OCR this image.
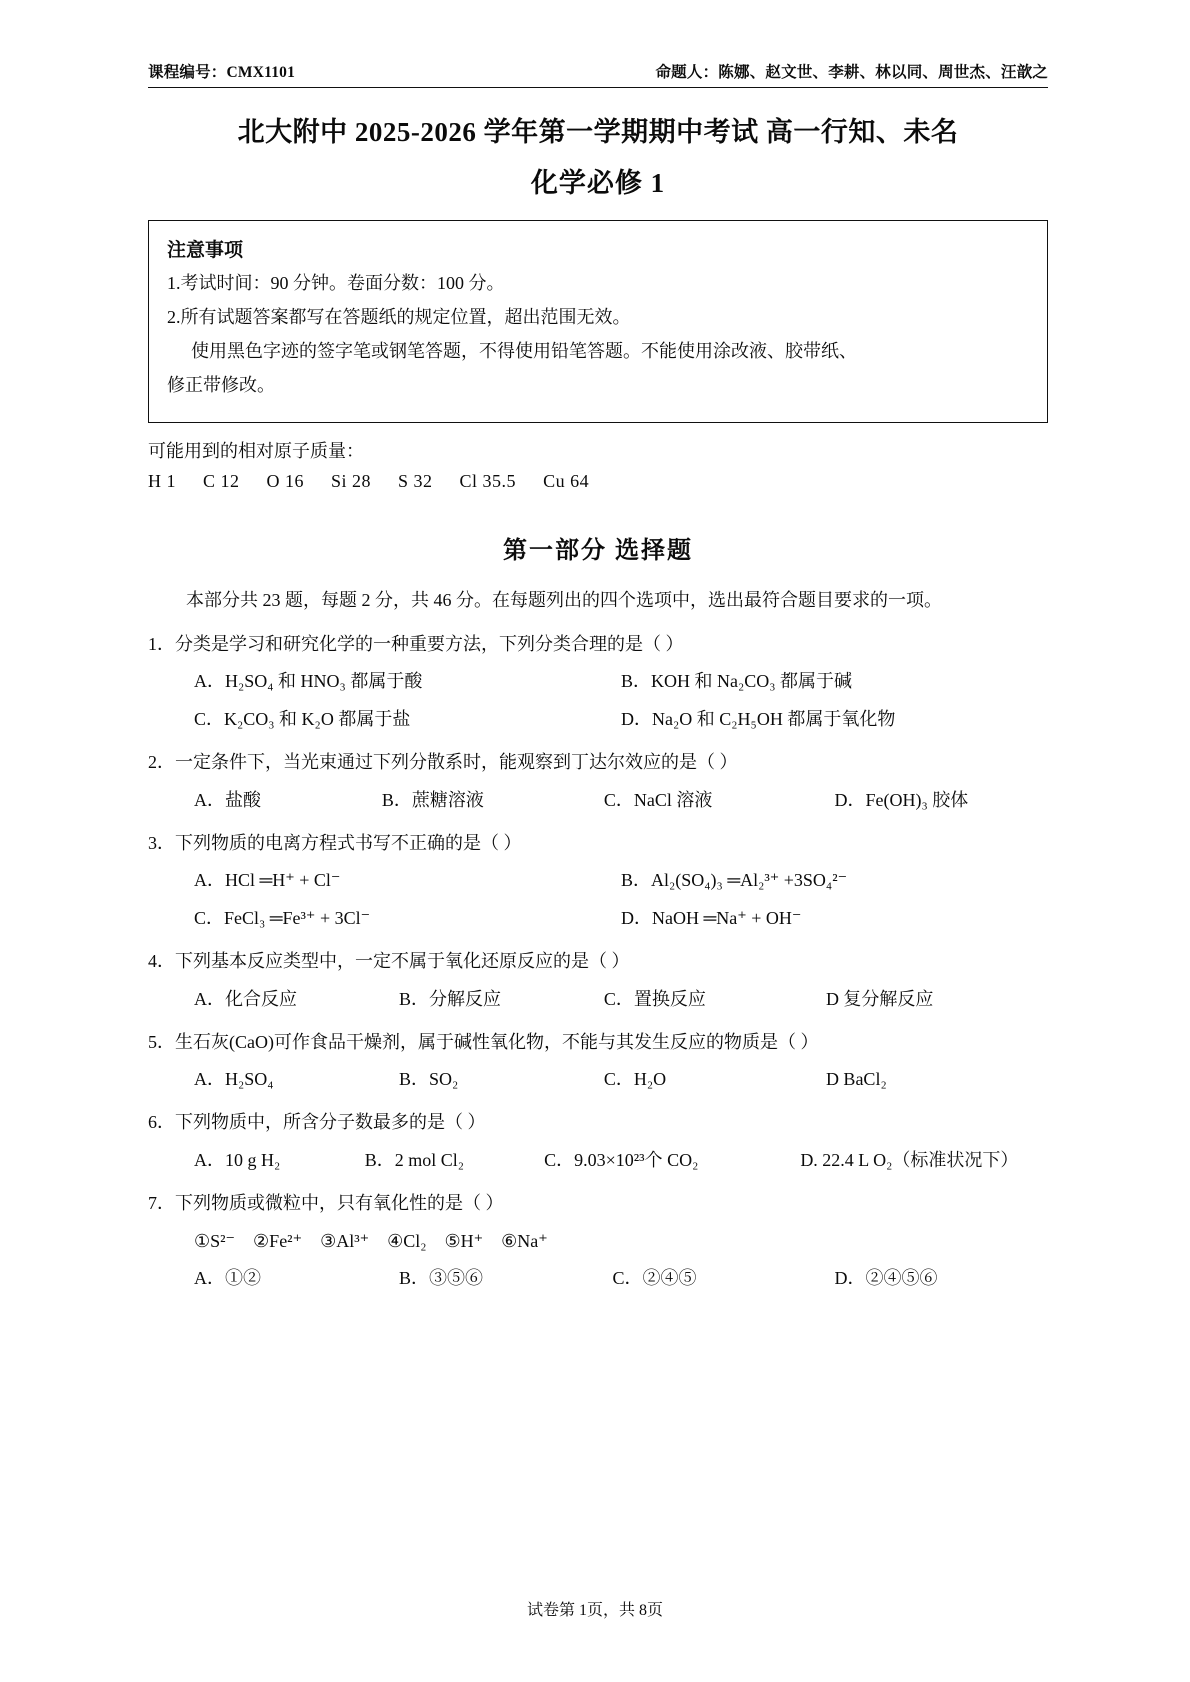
课程编号：CMX1101	命题人：陈娜、赵文世、李耕、林以同、周世杰、汪歆之
北大附中 2025-2026 学年第一学期期中考试 高一行知、未名
化学必修 1
注意事项

1.考试时间：90 分钟。卷面分数：100 分。

2.所有试题答案都写在答题纸的规定位置，超出范围无效。

使用黑色字迹的签字笔或钢笔答题，不得使用铅笔答题。不能使用涂改液、胶带纸、

修正带修改。

可能用到的相对原子质量：
H 1 C 12 O 16 Si 28 S 32 Cl 35.5 Cu 64
第一部分 选择题
本部分共 23 题，每题 2 分，共 46 分。在每题列出的四个选项中，选出最符合题目要求的一项。
1．分类是学习和研究化学的一种重要方法，下列分类合理的是（ ）
A．H₂SO₄ 和 HNO₃ 都属于酸	B．KOH 和 Na₂CO₃ 都属于碱
C．K₂CO₃ 和 K₂O 都属于盐	D．Na₂O 和 C₂H₅OH 都属于氧化物
2．一定条件下，当光束通过下列分散系时，能观察到丁达尔效应的是（ ）
A．盐酸	B．蔗糖溶液	C．NaCl 溶液	D．Fe(OH)₃ 胶体
3．下列物质的电离方程式书写不正确的是（ ）
A．HCl ═H⁺ + Cl⁻	B．Al₂(SO₄)₃ ═Al₂³⁺ +3SO₄²⁻
C．FeCl₃ ═Fe³⁺ + 3Cl⁻	D．NaOH ═Na⁺ + OH⁻
4．下列基本反应类型中，一定不属于氧化还原反应的是（ ）
A．化合反应	B．分解反应	C．置换反应	D 复分解反应
5．生石灰(CaO)可作食品干燥剂，属于碱性氧化物，不能与其发生反应的物质是（ ）
A．H₂SO₄	B．SO₂	C．H₂O	D BaCl₂
6．下列物质中，所含分子数最多的是（ ）
A．10 g H₂	B．2 mol Cl₂	C．9.03×10²³个 CO₂	D. 22.4 L O₂（标准状况下）
7．下列物质或微粒中，只有氧化性的是（ ）
①S²⁻　②Fe²⁺　③Al³⁺　④Cl₂　⑤H⁺　⑥Na⁺
A．①②	B．③⑤⑥	C．②④⑤	D．②④⑤⑥
试卷第 1页，共 8页
